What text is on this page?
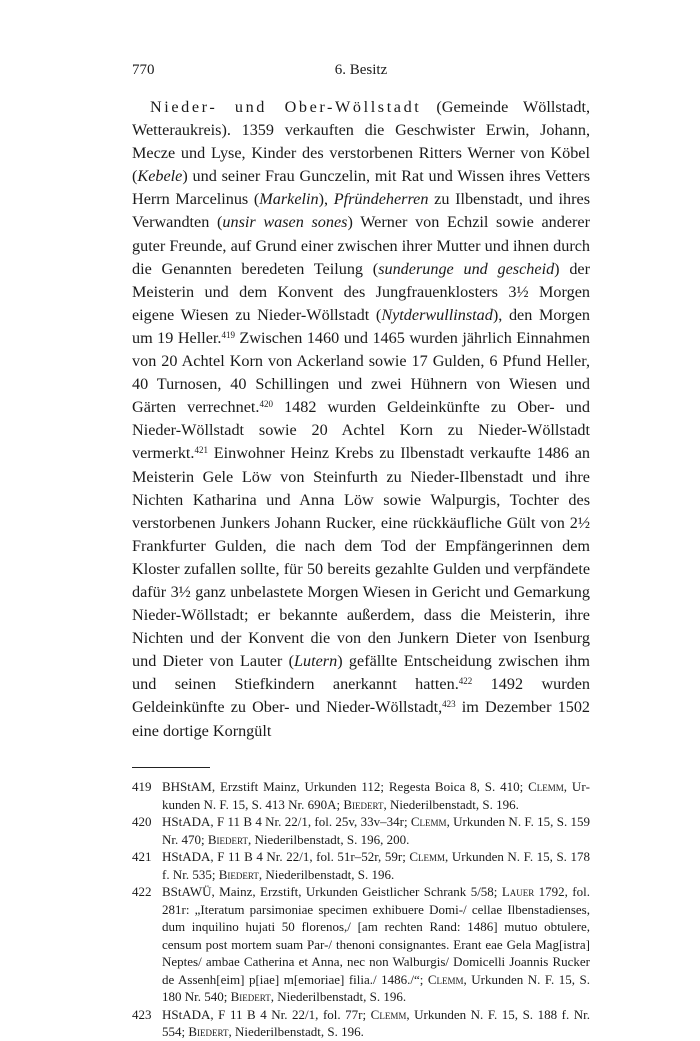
770	6. Besitz

Nieder- und Ober-Wöllstadt (Gemeinde Wöllstadt, Wetteraukreis). 1359 verkauften die Geschwister Erwin, Johann, Mecze und Lyse, Kinder des verstorbenen Ritters Werner von Köbel (Kebele) und seiner Frau Gunczelin, mit Rat und Wissen ihres Vetters Herrn Marcelinus (Markelin), Pfründeherren zu Ilbenstadt, und ihres Verwandten (unsir wasen sones) Werner von Echzil sowie anderer guter Freunde, auf Grund einer zwischen ihrer Mutter und ihnen durch die Genannten beredeten Teilung (sunderunge und gescheid) der Meisterin und dem Konvent des Jungfrauenklosters 3½ Morgen eigene Wiesen zu Nieder-Wöllstadt (Nytderwullinstad), den Morgen um 19 Heller.$^{419}$ Zwischen 1460 und 1465 wurden jährlich Einnahmen von 20 Achtel Korn von Ackerland sowie 17 Gulden, 6 Pfund Heller, 40 Turnosen, 40 Schillingen und zwei Hühnern von Wiesen und Gärten verrechnet.$^{420}$ 1482 wurden Geldeinkünfte zu Ober- und Nieder-Wöllstadt sowie 20 Achtel Korn zu Nieder-Wöllstadt vermerkt.$^{421}$ Einwohner Heinz Krebs zu Ilbenstadt verkaufte 1486 an Meisterin Gele Löw von Steinfurth zu Nieder-Ilbenstadt und ihre Nichten Katharina und Anna Löw sowie Walpurgis, Tochter des verstorbenen Junkers Johann Rucker, eine rückkäufliche Gült von 2½ Frankfurter Gulden, die nach dem Tod der Empfängerinnen dem Kloster zufallen sollte, für 50 bereits gezahlte Gulden und verpfändete dafür 3½ ganz unbelastete Morgen Wiesen in Gericht und Gemarkung Nieder-Wöllstadt; er bekannte außerdem, dass die Meisterin, ihre Nichten und der Konvent die von den Junkern Dieter von Isenburg und Dieter von Lauter (Lutern) gefällte Entscheidung zwischen ihm und seinen Stiefkindern anerkannt hatten.$^{422}$ 1492 wurden Geldeinkünfte zu Ober- und Nieder-Wöllstadt,$^{423}$ im Dezember 1502 eine dortige Korngült

419 BHStAM, Erzstift Mainz, Urkunden 112; Regesta Boica 8, S. 410; Clemm, Urkunden N. F. 15, S. 413 Nr. 690A; Biedert, Niederilbenstadt, S. 196.
420 HStADA, F 11 B 4 Nr. 22/1, fol. 25v, 33v–34r; Clemm, Urkunden N. F. 15, S. 159 Nr. 470; Biedert, Niederilbenstadt, S. 196, 200.
421 HStADA, F 11 B 4 Nr. 22/1, fol. 51r–52r, 59r; Clemm, Urkunden N. F. 15, S. 178 f. Nr. 535; Biedert, Niederilbenstadt, S. 196.
422 BStAWÜ, Mainz, Erzstift, Urkunden Geistlicher Schrank 5/58; Lauer 1792, fol. 281r: „Iteratum parsimoniae specimen exhibuere Domi-/ cellae Ilbenstadienses, dum inquilino hujati 50 florenos,/ [am rechten Rand: 1486] mutuo obtulere, censum post mortem suam Par-/ thenoni consignantes. Erant eae Gela Mag[istra] Neptes/ ambae Catherina et Anna, nec non Walburgis/ Domicelli Joannis Rucker de Assenh[eim] p[iae] m[emoriae] filia./ 1486./“; Clemm, Urkunden N. F. 15, S. 180 Nr. 540; Biedert, Niederilbenstadt, S. 196.
423 HStADA, F 11 B 4 Nr. 22/1, fol. 77r; Clemm, Urkunden N. F. 15, S. 188 f. Nr. 554; Biedert, Niederilbenstadt, S. 196.
